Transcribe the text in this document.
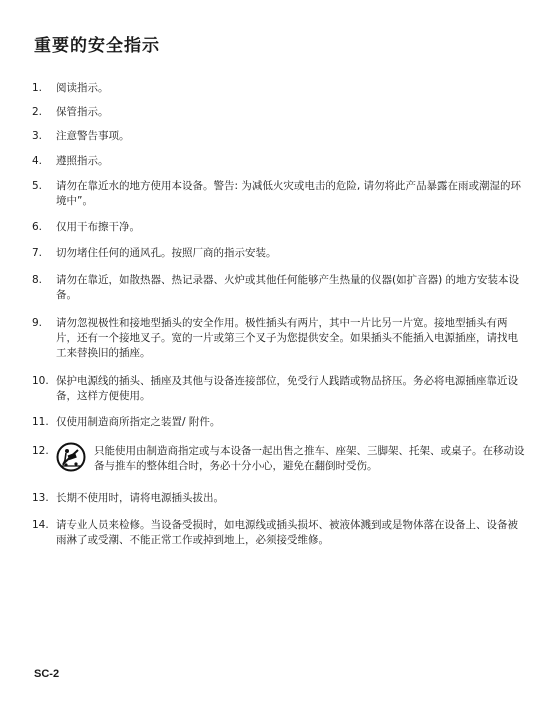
重要的安全指示
1.	阅读指示。
2.	保管指示。
3.	注意警告事项。
4.	遵照指示。
5.	请勿在靠近水的地方使用本设备。警告: 为减低火灾或电击的危险, 请勿将此产品暴露在雨或潮湿的环境中”。
6.	仅用干布擦干净。
7.	切勿堵住任何的通风孔。按照厂商的指示安装。
8.	请勿在靠近，如散热器、热记录器、火炉或其他任何能够产生热量的仪器(如扩音器) 的地方安装本设备。
9.	请勿忽视极性和接地型插头的安全作用。极性插头有两片，其中一片比另一片宽。接地型插头有两片，还有一个接地叉子。宽的一片或第三个叉子为您提供安全。如果插头不能插入电源插座，请找电工来替换旧的插座。
10. 保护电源线的插头、插座及其他与设备连接部位，免受行人践踏或物品挤压。务必将电源插座靠近设备，这样方便使用。
11. 仅使用制造商所指定之装置/ 附件。
12.	只能使用由制造商指定或与本设备一起出售之推车、座架、三脚架、托架、或桌子。在移动设备与推车的整体组合时，务必十分小心，避免在翻倒时受伤。
13. 长期不使用时，请将电源插头拔出。
14. 请专业人员来检修。当设备受损时，如电源线或插头损坏、被液体溅到或是物体落在设备上、设备被雨淋了或受潮、不能正常工作或掉到地上，必须接受维修。
SC-2
